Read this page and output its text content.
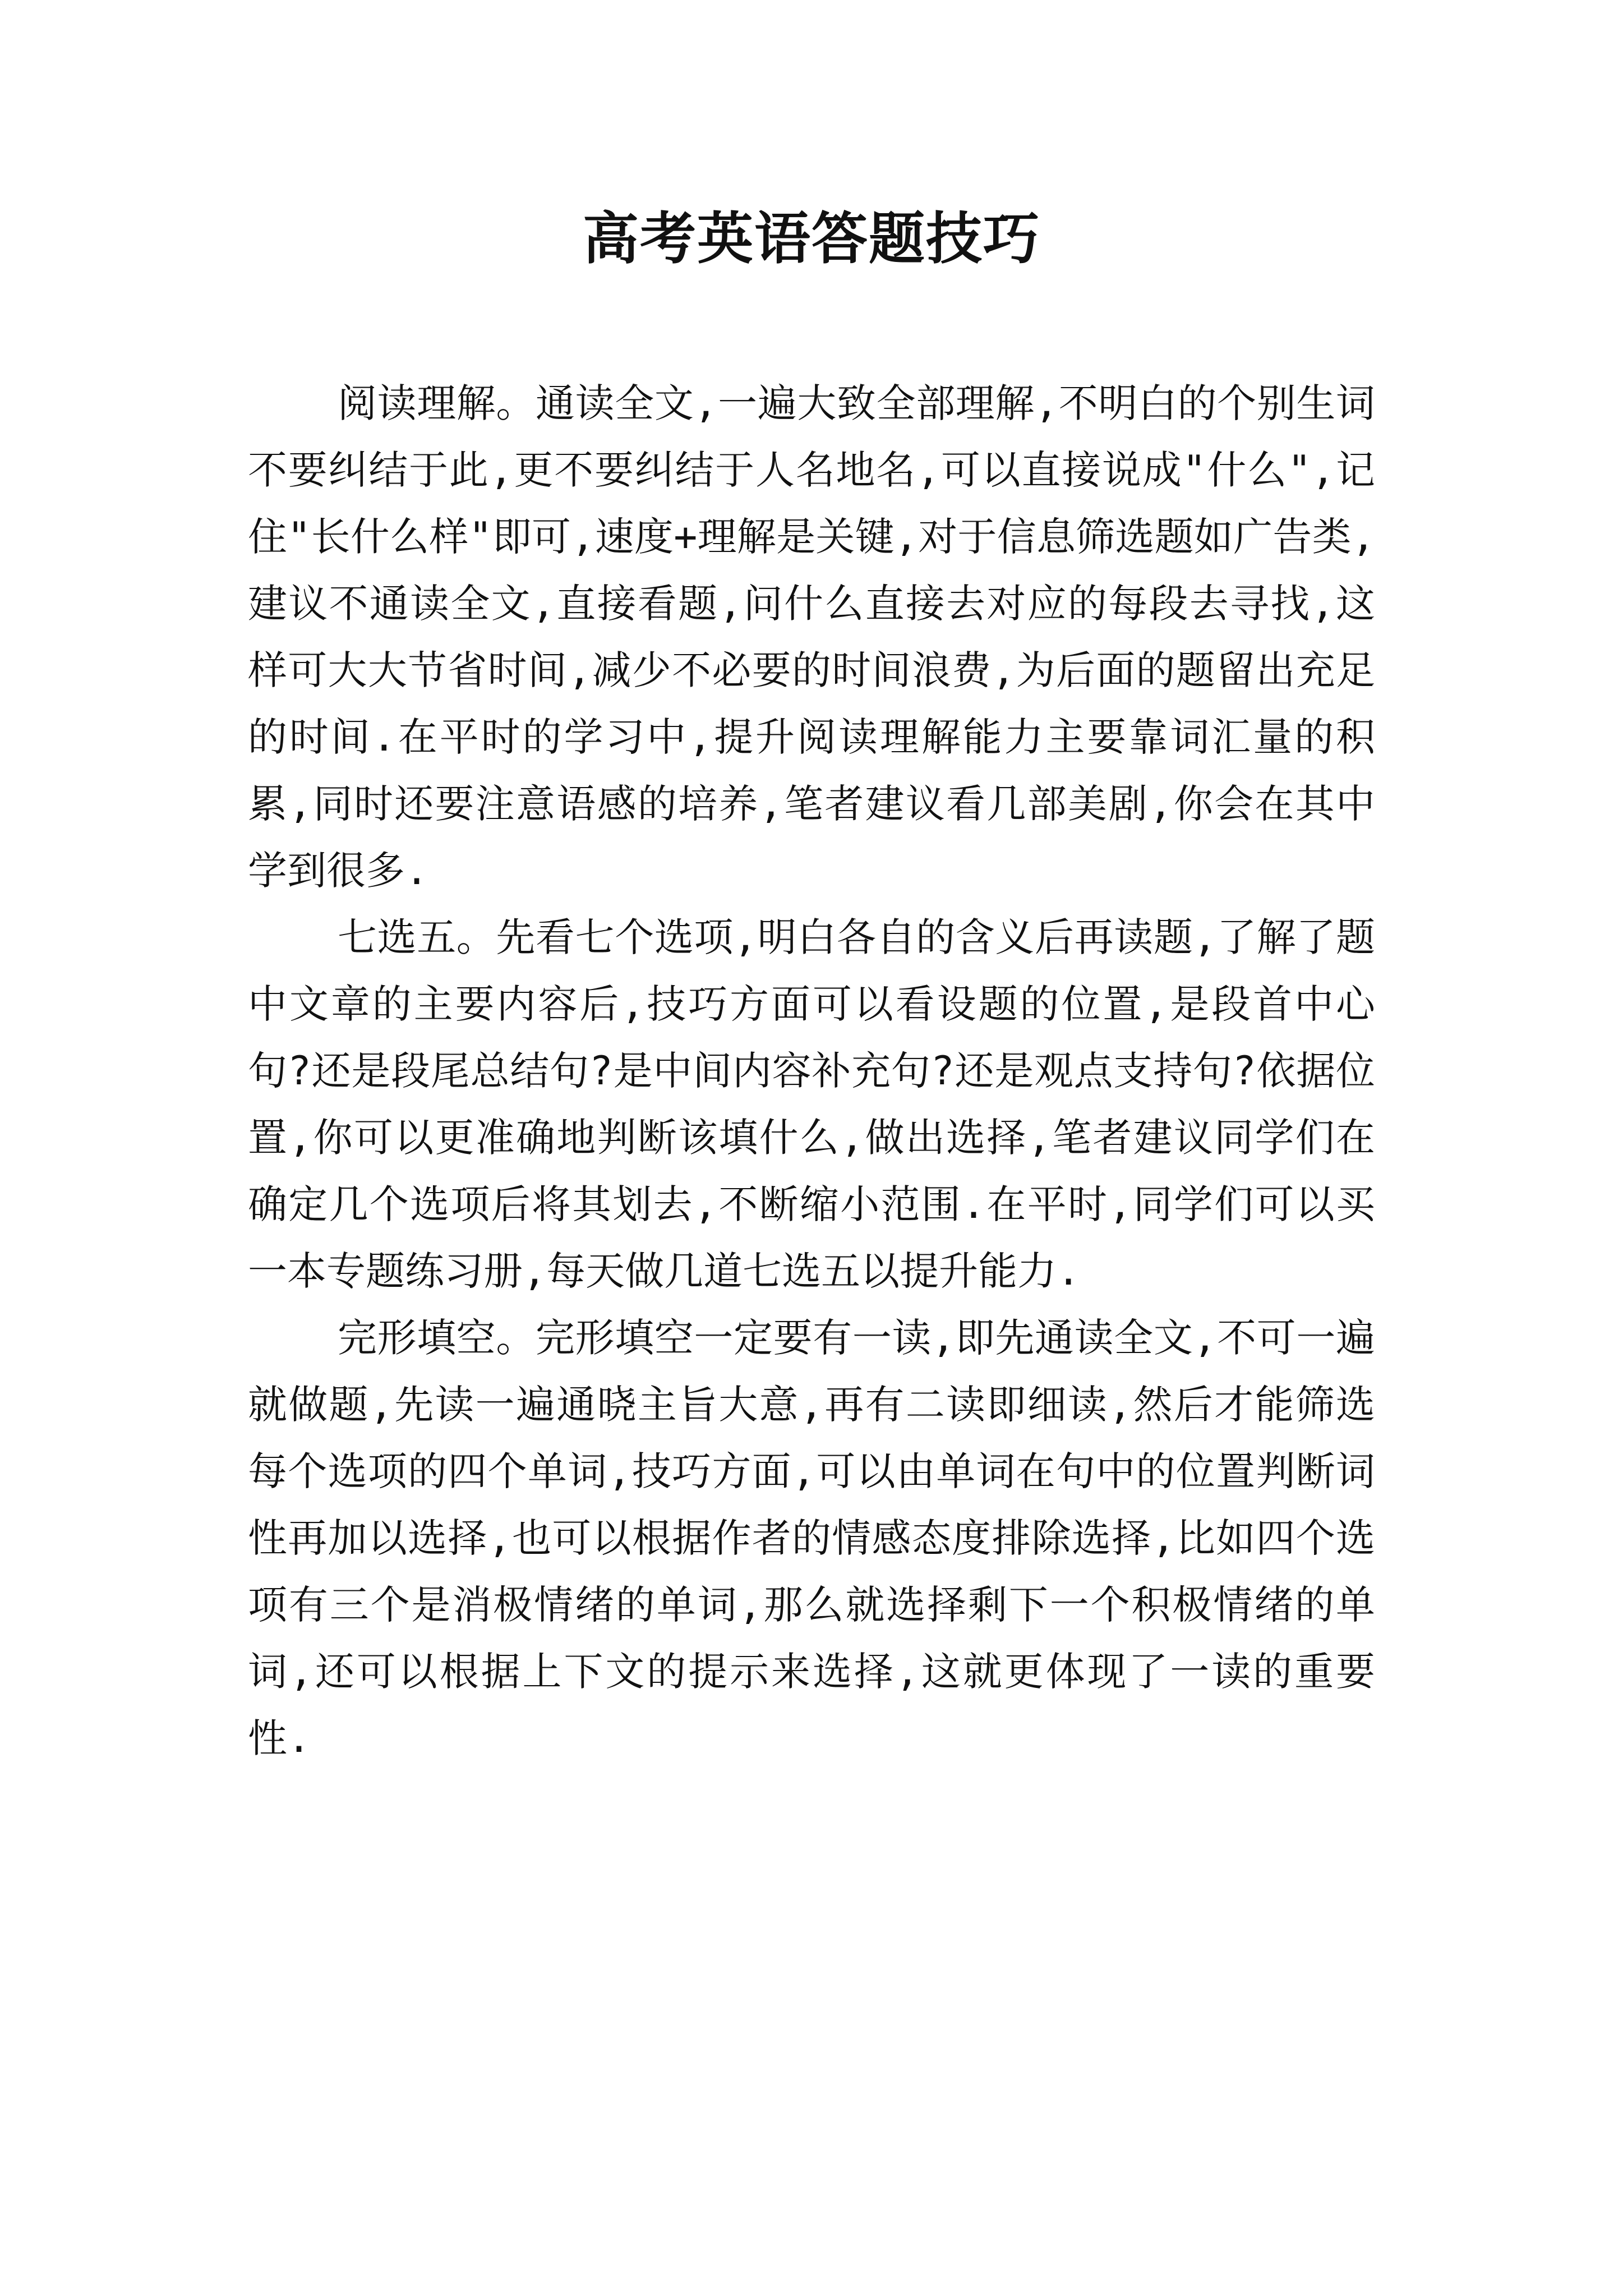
高考英语答题技巧

阅读理解。通读全文,一遍大致全部理解,不明白的个别生词不要纠结于此,更不要纠结于人名地名,可以直接说成"什么",记住"长什么样"即可,速度+理解是关键,对于信息筛选题如广告类,建议不通读全文,直接看题,问什么直接去对应的每段去寻找,这样可大大节省时间,减少不必要的时间浪费,为后面的题留出充足的时间.在平时的学习中,提升阅读理解能力主要靠词汇量的积累,同时还要注意语感的培养,笔者建议看几部美剧,你会在其中学到很多.

七选五。先看七个选项,明白各自的含义后再读题,了解了题中文章的主要内容后,技巧方面可以看设题的位置,是段首中心句?还是段尾总结句?是中间内容补充句?还是观点支持句?依据位置,你可以更准确地判断该填什么,做出选择,笔者建议同学们在确定几个选项后将其划去,不断缩小范围.在平时,同学们可以买一本专题练习册,每天做几道七选五以提升能力.

完形填空。完形填空一定要有一读,即先通读全文,不可一遍就做题,先读一遍通晓主旨大意,再有二读即细读,然后才能筛选每个选项的四个单词,技巧方面,可以由单词在句中的位置判断词性再加以选择,也可以根据作者的情感态度排除选择,比如四个选项有三个是消极情绪的单词,那么就选择剩下一个积极情绪的单词,还可以根据上下文的提示来选择,这就更体现了一读的重要性.
